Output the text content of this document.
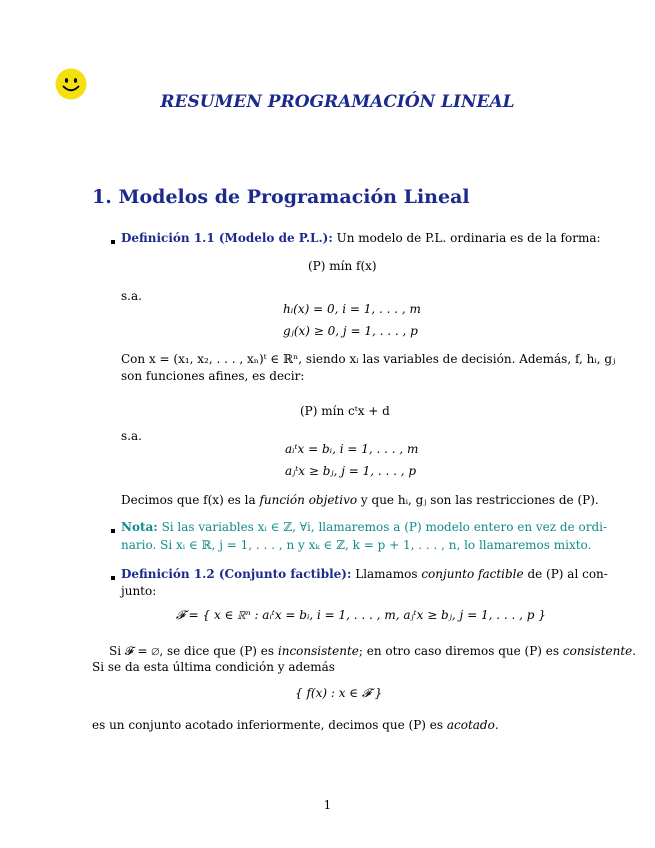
RESUMEN PROGRAMACIÓN LINEAL
1. Modelos de Programación Lineal
Definición 1.1 (Modelo de P.L.): Un modelo de P.L. ordinaria es de la forma:
(P) mín f(x)
s.a.
hᵢ(x) = 0, i = 1, . . . , m
gⱼ(x) ≥ 0, j = 1, . . . , p
Con x = (x₁, x₂, . . . , xₙ)ᵗ ∈ ℝⁿ, siendo xᵢ las variables de decisión. Además, f, hᵢ, gⱼ
son funciones afines, es decir:
(P) mín cᵗx + d
s.a.
aᵢᵗx = bᵢ, i = 1, . . . , m
aⱼᵗx ≥ bⱼ, j = 1, . . . , p
Decimos que f(x) es la función objetivo y que hᵢ, gⱼ son las restricciones de (P).
Nota: Si las variables xᵢ ∈ ℤ, ∀i, llamaremos a (P) modelo entero en vez de ordi-
nario. Si xᵢ ∈ ℝ, j = 1, . . . , n y xₖ ∈ ℤ, k = p + 1, . . . , n, lo llamaremos mixto.
Definición 1.2 (Conjunto factible): Llamamos conjunto factible de (P) al con-
junto:
𝓕 = { x ∈ ℝⁿ : aᵢᵗx = bᵢ, i = 1, . . . , m, aⱼᵗx ≥ bⱼ, j = 1, . . . , p }
Si 𝓕 = ∅, se dice que (P) es inconsistente; en otro caso diremos que (P) es consistente.
Si se da esta última condición y además
{ f(x) : x ∈ 𝓕 }
es un conjunto acotado inferiormente, decimos que (P) es acotado.
1
